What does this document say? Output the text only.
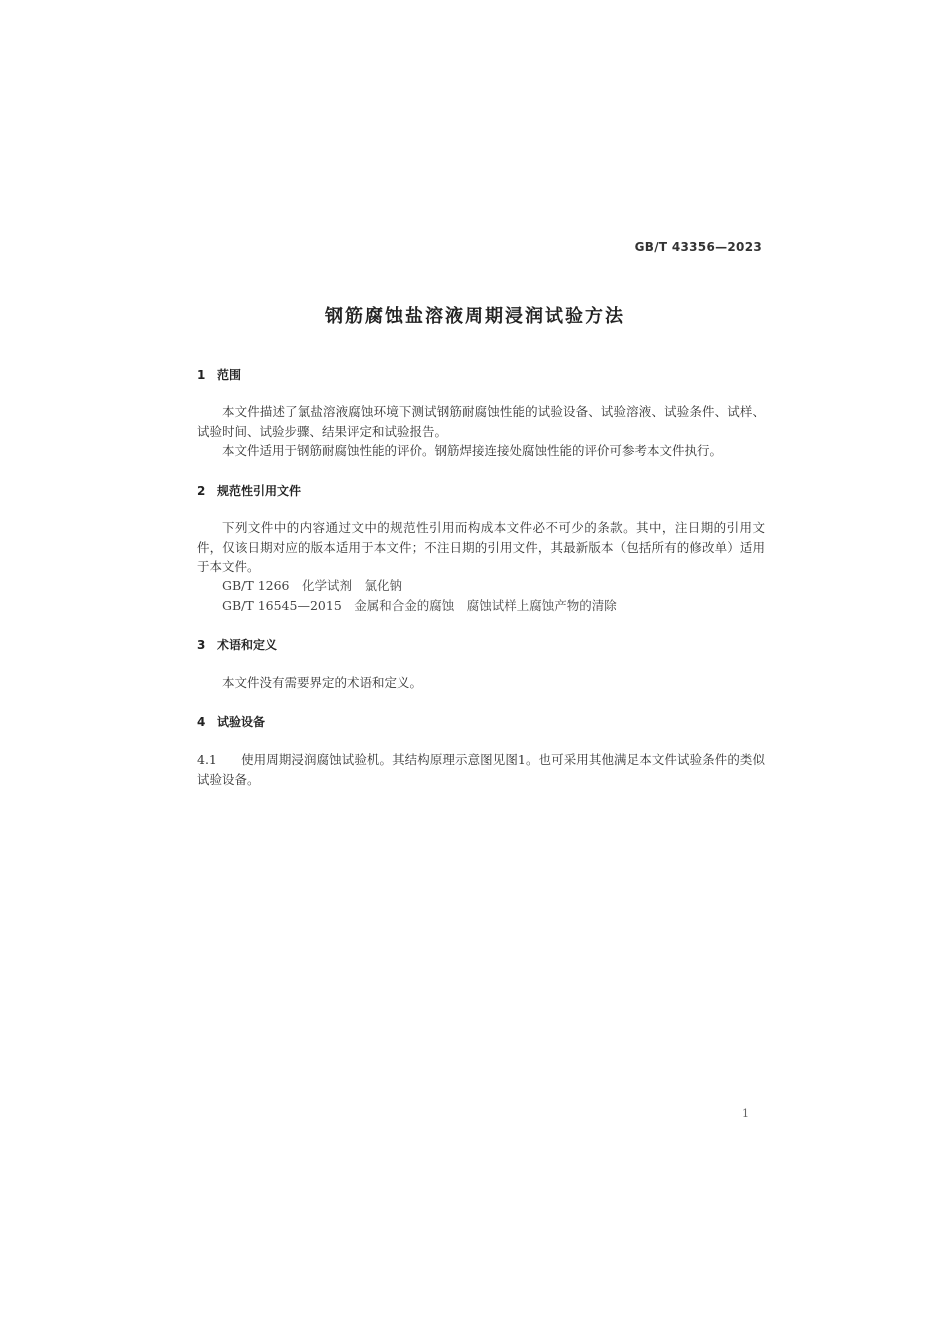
GB/T 43356—2023
钢筋腐蚀盐溶液周期浸润试验方法
1 范围
本文件描述了氯盐溶液腐蚀环境下测试钢筋耐腐蚀性能的试验设备、试验溶液、试验条件、试样、试验时间、试验步骤、结果评定和试验报告。
本文件适用于钢筋耐腐蚀性能的评价。钢筋焊接连接处腐蚀性能的评价可参考本文件执行。
2 规范性引用文件
下列文件中的内容通过文中的规范性引用而构成本文件必不可少的条款。其中，注日期的引用文件，仅该日期对应的版本适用于本文件；不注日期的引用文件，其最新版本（包括所有的修改单）适用于本文件。
GB/T 1266　化学试剂　氯化钠
GB/T 16545—2015　金属和合金的腐蚀　腐蚀试样上腐蚀产物的清除
3 术语和定义
本文件没有需要界定的术语和定义。
4 试验设备
4.1 使用周期浸润腐蚀试验机。其结构原理示意图见图1。也可采用其他满足本文件试验条件的类似试验设备。
1
